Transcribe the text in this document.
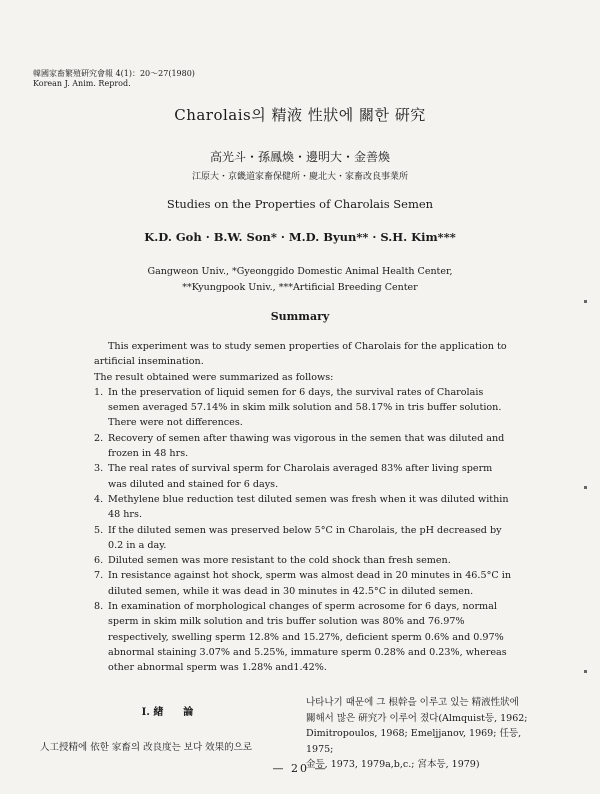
韓國家畜繁殖硏究會報 4(1)：20～27(1980)
Korean J. Anim. Reprod.
Charolais의 精液 性狀에 關한 硏究
高光斗・孫鳳煥・邊明大・金善煥
江原大・京畿道家畜保健所・慶北大・家畜改良事業所
Studies on the Properties of Charolais Semen
K.D. Goh · B.W. Son* · M.D. Byun** · S.H. Kim***
Gangweon Univ., *Gyeonggido Domestic Animal Health Center,
**Kyungpook Univ., ***Artificial Breeding Center
Summary
This experiment was to study semen properties of Charolais for the application to artificial insemination.
The result obtained were summarized as follows:
1. In the preservation of liquid semen for 6 days, the survival rates of Charolais semen averaged 57.14% in skim milk solution and 58.17% in tris buffer solution. There were not differences.
2. Recovery of semen after thawing was vigorous in the semen that was diluted and frozen in 48 hrs.
3. The real rates of survival sperm for Charolais averaged 83% after living sperm was diluted and stained for 6 days.
4. Methylene blue reduction test diluted semen was fresh when it was diluted within 48 hrs.
5. If the diluted semen was preserved below 5°C in Charolais, the pH decreased by 0.2 in a day.
6. Diluted semen was more resistant to the cold shock than fresh semen.
7. In resistance against hot shock, sperm was almost dead in 20 minutes in 46.5°C in diluted semen, while it was dead in 30 minutes in 42.5°C in diluted semen.
8. In examination of morphological changes of sperm acrosome for 6 days, normal sperm in skim milk solution and tris buffer solution was 80% and 76.97% respectively, swelling sperm 12.8% and 15.27%, deficient sperm 0.6% and 0.97% abnormal staining 3.07% and 5.25%, immature sperm 0.28% and 0.23%, whereas other abnormal sperm was 1.28% and1.42%.
I. 緖　　論
人工授精에 依한 家畜의 改良度는 보다 效果的으로
나타나기 때문에 그 根幹을 이루고 있는 精液性狀에
關해서 많은 硏究가 이루어 졌다(Almquist등, 1962;
Dimitropoulos, 1968; Emeljjanov, 1969; 任등, 1975;
金등, 1973, 1979a,b,c.; 宮本등, 1979)
— 20 —
